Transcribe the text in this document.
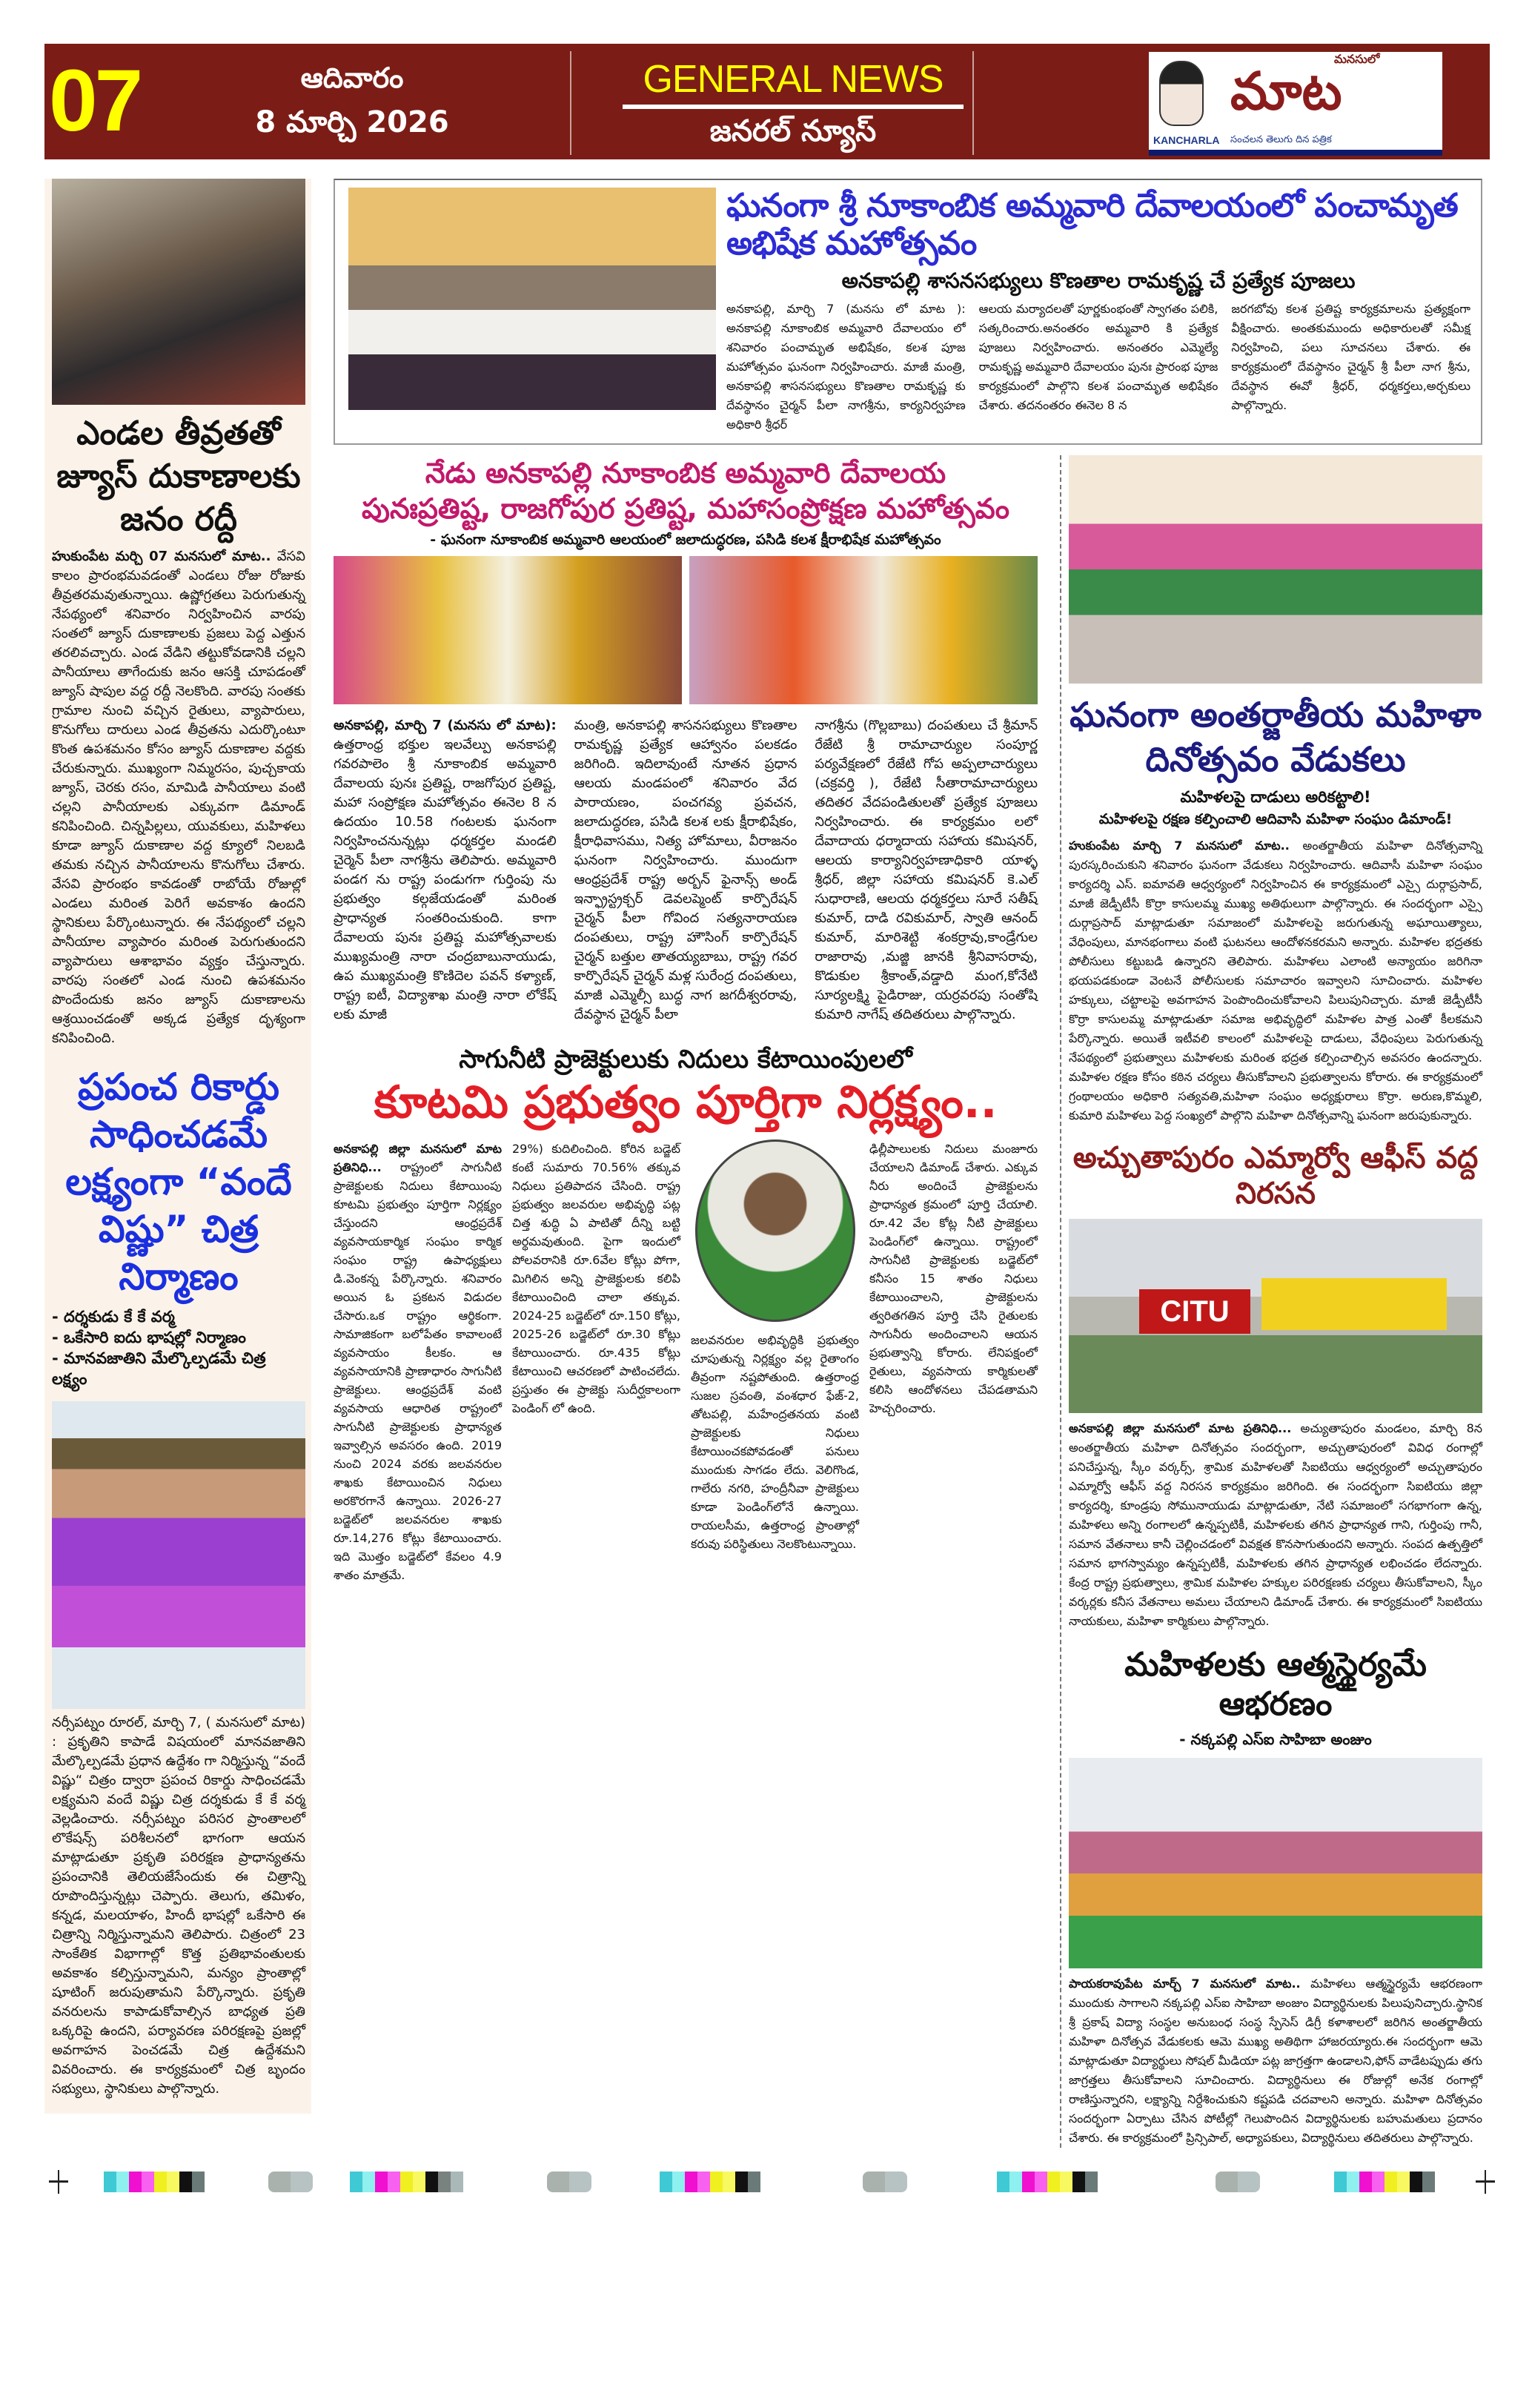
07	ఆదివారం
8 మార్చి 2026
GENERAL NEWS
జనరల్ న్యూస్	KANCHARLA
మనసులో
మాట
సంచలన తెలుగు దిన పత్రిక
ఎండల తీవ్రతతో జ్యూస్ దుకాణాలకు జనం రద్దీ

హుకుంపేట మర్చి 07 మనసులో మాట.. వేసవి కాలం ప్రారంభమవడంతో ఎండలు రోజు రోజుకు తీవ్రతరమవుతున్నాయి. ఉష్ణోగ్రతలు పెరుగుతున్న నేపథ్యంలో శనివారం నిర్వహించిన వారపు సంతలో జ్యూస్ దుకాణాలకు ప్రజలు పెద్ద ఎత్తున తరలివచ్చారు. ఎండ వేడిని తట్టుకోవడానికి చల్లని పానీయాలు తాగేందుకు జనం ఆసక్తి చూపడంతో జ్యూస్ షాపుల వద్ద రద్దీ నెలకొంది. వారపు సంతకు గ్రామాల నుంచి వచ్చిన రైతులు, వ్యాపారులు, కొనుగోలు దారులు ఎండ తీవ్రతను ఎదుర్కొంటూ కొంత ఉపశమనం కోసం జ్యూస్ దుకాణాల వద్దకు చేరుకున్నారు. ముఖ్యంగా నిమ్మరసం, పుచ్చకాయ జ్యూస్, చెరకు రసం, మామిడి పానీయాలు వంటి చల్లని పానీయాలకు ఎక్కువగా డిమాండ్ కనిపించింది. చిన్నపిల్లలు, యువకులు, మహిళలు కూడా జ్యూస్ దుకాణాల వద్ద క్యూలో నిలబడి తమకు నచ్చిన పానీయాలను కొనుగోలు చేశారు. వేసవి ప్రారంభం కావడంతో రాబోయే రోజుల్లో ఎండలు మరింత పెరిగే అవకాశం ఉందని స్థానికులు పేర్కొంటున్నారు. ఈ నేపథ్యంలో చల్లని పానీయాల వ్యాపారం మరింత పెరుగుతుందని వ్యాపారులు ఆశాభావం వ్యక్తం చేస్తున్నారు. వారపు సంతలో ఎండ నుంచి ఉపశమనం పొందేందుకు జనం జ్యూస్ దుకాణాలను ఆశ్రయించడంతో అక్కడ ప్రత్యేక దృశ్యంగా కనిపించింది.

ప్రపంచ రికార్డు సాధించడమే లక్ష్యంగా “వందే విష్ణు” చిత్ర నిర్మాణం
- దర్శకుడు కే కే వర్మ
- ఒకేసారి ఐదు భాషల్లో నిర్మాణం
- మానవజాతిని మేల్కొల్పడమే చిత్ర లక్ష్యం

నర్సీపట్నం రూరల్, మార్చి 7, ( మనసులో మాట) : ప్రకృతిని కాపాడే విషయంలో మానవజాతిని మేల్కొల్పడమే ప్రధాన ఉద్దేశం గా నిర్మిస్తున్న “వందే విష్ణు“ చిత్రం ద్వారా ప్రపంచ రికార్డు సాధించడమే లక్ష్యమని వందే విష్ణు చిత్ర దర్శకుడు కే కే వర్మ వెల్లడించారు. నర్సీపట్నం పరిసర ప్రాంతాలలో లొకేషన్స్ పరిశీలనలో భాగంగా ఆయన మాట్లాడుతూ ప్రకృతి పరిరక్షణ ప్రాధాన్యతను ప్రపంచానికి తెలియజేసేందుకు ఈ చిత్రాన్ని రూపొందిస్తున్నట్లు చెప్పారు. తెలుగు, తమిళం, కన్నడ, మలయాళం, హిందీ భాషల్లో ఒకేసారి ఈ చిత్రాన్ని నిర్మిస్తున్నామని తెలిపారు. చిత్రంలో 23 సాంకేతిక విభాగాల్లో కొత్త ప్రతిభావంతులకు అవకాశం కల్పిస్తున్నామని, మన్యం ప్రాంతాల్లో షూటింగ్ జరుపుతామని పేర్కొన్నారు. ప్రకృతి వనరులను కాపాడుకోవాల్సిన బాధ్యత ప్రతి ఒక్కరిపై ఉందని, పర్యావరణ పరిరక్షణపై ప్రజల్లో అవగాహన పెంచడమే చిత్ర ఉద్దేశమని వివరించారు. ఈ కార్యక్రమంలో చిత్ర బృందం సభ్యులు, స్థానికులు పాల్గొన్నారు.

ఘనంగా శ్రీ నూకాంబిక అమ్మవారి దేవాలయంలో పంచామృత అభిషేక మహోత్సవం
అనకాపల్లి శాసనసభ్యులు కొణతాల రామకృష్ణ చే ప్రత్యేక పూజలు

అనకాపల్లి, మార్చి 7 (మనసు లో మాట ): అనకాపల్లి నూకాంబిక అమ్మవారి దేవాలయం లో శనివారం పంచామృత అభిషేకం, కలశ పూజ మహోత్సవం ఘనంగా నిర్వహించారు. మాజీ మంత్రి, అనకాపల్లి శాసనసభ్యులు కొణతాల రామకృష్ణ కు దేవస్థానం చైర్మన్ పీలా నాగశ్రీను, కార్యనిర్వహణ అధికారి శ్రీధర్

ఆలయ మర్యాదలతో పూర్ణకుంభంతో స్వాగతం పలికి, సత్కరించారు.అనంతరం అమ్మవారి కి ప్రత్యేక పూజలు నిర్వహించారు. అనంతరం ఎమ్మెల్యే రామకృష్ణ అమ్మవారి దేవాలయం పునః ప్రారంభ పూజ కార్యక్రమంలో పాల్గొని కలశ పంచామృత అభిషేకం చేశారు. తదనంతరం ఈనెల 8 న

జరగబోవు కలశ ప్రతిష్ట కార్యక్రమాలను ప్రత్యక్షంగా వీక్షించారు. అంతకుముందు అధికారులతో సమీక్ష నిర్వహించి, పలు సూచనలు చేశారు. ఈ కార్యక్రమంలో దేవస్థానం చైర్మన్ శ్రీ పీలా నాగ శ్రీను, దేవస్థాన ఈవో శ్రీధర్, ధర్మకర్తలు,అర్చకులు పాల్గొన్నారు.

నేడు అనకాపల్లి నూకాంబిక అమ్మవారి దేవాలయ
పునఃప్రతిష్ట, రాజగోపుర ప్రతిష్ట, మహాసంప్రోక్షణ మహోత్సవం
- ఘనంగా నూకాంబిక అమ్మవారి ఆలయంలో జలాదుద్ధరణ, పసిడి కలశ క్షీరాభిషేక మహోత్సవం

అనకాపల్లి, మార్చి 7 (మనసు లో మాట): ఉత్తరాంధ్ర భక్తుల ఇలవేల్పు అనకాపల్లి గవరపాలెం శ్రీ నూకాంబిక అమ్మవారి దేవాలయ పునః ప్రతిష్ట, రాజగోపుర ప్రతిష్ట, మహా సంప్రోక్షణ మహోత్సవం ఈనెల 8 న ఉదయం 10.58 గంటలకు ఘనంగా నిర్వహించనున్నట్లు ధర్మకర్తల మండలి చైర్మెన్ పీలా నాగశ్రీను తెలిపారు. అమ్మవారి పండగ ను రాష్ట్ర పండుగగా గుర్తింపు ను ప్రభుత్వం కల్గజేయడంతో మరింత ప్రాధాన్యత సంతరించుకుంది. కాగా దేవాలయ పునః ప్రతిష్ట మహోత్సవాలకు ముఖ్యమంత్రి నారా చంద్రబాబునాయుడు, ఉప ముఖ్యమంత్రి కొణిదెల పవన్ కళ్యాణ్, రాష్ట్ర ఐటీ, విద్యాశాఖ మంత్రి నారా లోకేష్ లకు మాజీ

మంత్రి, అనకాపల్లి శాసనసభ్యులు కొణతాల రామకృష్ణ ప్రత్యేక ఆహ్వానం పలకడం జరిగింది. ఇదిలావుంటే నూతన ప్రధాన ఆలయ మండపంలో శనివారం వేద పారాయణం, పంచగవ్య ప్రవచన, జలాదుద్ధరణ, పసిడి కలశ లకు క్షీరాభిషేకం, క్షీరాధివాసము, నిత్య హోమాలు, వీరాజనం ఘనంగా నిర్వహించారు. ముందుగా ఆంధ్రప్రదేశ్ రాష్ట్ర అర్బన్ ఫైనాన్స్ అండ్ ఇన్ఫ్రాస్ట్రక్చర్ డెవలప్మెంట్ కార్పొరేషన్ చైర్మన్ పీలా గోవింద సత్యనారాయణ దంపతులు, రాష్ట్ర హౌసింగ్ కార్పొరేషన్ చైర్మన్ బత్తుల తాతయ్యబాబు, రాష్ట్ర గవర కార్పొరేషన్ చైర్మన్ మళ్ల సురేంద్ర దంపతులు, మాజీ ఎమ్మెల్సీ బుద్ధ నాగ జగదీశ్వరరావు, దేవస్థాన చైర్మన్ పీలా

నాగశ్రీను (గొల్లబాబు) దంపతులు చే శ్రీమాన్ రేజేటి శ్రీ రామాచార్యుల సంపూర్ణ పర్యవేక్షణలో రేజేటి గోప అప్పలాచార్యులు (చక్రవర్తి ), రేజేటి సీతారామాచార్యులు తదితర వేదపండితులతో ప్రత్యేక పూజలు నిర్వహించారు. ఈ కార్యక్రమం లలో దేవాదాయ ధర్మాదాయ సహాయ కమిషనర్, ఆలయ కార్యానిర్వహణాధికారి యాళ్ళ శ్రీధర్, జిల్లా సహాయ కమిషనర్ కె.ఎల్ సుధారాణి, ఆలయ ధర్మకర్తలు సూరే సతీష్ కుమార్, దాడి రవికుమార్, స్వాతి ఆనంద్ కుమార్, మారిశెట్టి శంకర్రావు,కాండ్రేగుల రాజారావు ,మజ్జి జానకి శ్రీనివాసరావు, కొడుకుల శ్రీకాంత్,వడ్డాది మంగ,కోనేటి సూర్యలక్ష్మి పైడిరాజు, యర్రవరపు సంతోషి కుమారి నాగేష్ తదితరులు పాల్గొన్నారు.

సాగునీటి ప్రాజెక్టులుకు నిదులు కేటాయింపులలో
కూటమి ప్రభుత్వం పూర్తిగా నిర్లక్ష్యం..

అనకాపల్లి జిల్లా మనసులో మాట ప్రతినిధి... రాష్ట్రంలో సాగునీటి ప్రాజెక్టులకు నిదులు కేటాయింపు కూటమి ప్రభుత్వం పూర్తిగా నిర్లక్ష్యం చేస్తుందని ఆంధ్రప్రదేశ్ వ్యవసాయకార్మిక సంఘం కార్మిక సంఘం రాష్ట్ర ఉపాధ్యక్షులు డి.వెంకన్న పేర్కొన్నారు. శనివారం అయిన ఓ ప్రకటన విడుదల చేసారు.ఒక రాష్ట్రం ఆర్థికంగా. సామాజికంగా బలోపేతం కావాలంటే వ్యవసాయం కీలకం. ఆ వ్యవసాయానికి ప్రాణాధారం సాగునీటి ప్రాజెక్టులు. ఆంధ్రప్రదేశ్ వంటి వ్యవసాయ ఆధారిత రాష్ట్రంలో సాగునీటి ప్రాజెక్టులకు ప్రాధాన్యత ఇవ్వాల్సిన అవసరం ఉంది. 2019 నుంచి 2024 వరకు జలవనరుల శాఖకు కేటాయించిన నిధులు అరకొరగానే ఉన్నాయి. 2026-27 బడ్జెట్‌లో జలవనరుల శాఖకు రూ.14,276 కోట్లు కేటాయించారు. ఇది మొత్తం బడ్జెట్‌లో కేవలం 4.9 శాతం మాత్రమే.

29%) కుదిలించింది. కోరిన బడ్జెట్ కంటే సుమారు 70.56% తక్కువ నిధులు ప్రతిపాదన చేసింది. రాష్ట్ర ప్రభుత్వం జలవరుల అభివృద్ధి పట్ల చిత్త శుద్ధి ఏ పాటితో దీన్ని బట్టి అర్థమవుతుంది. పైగా ఇందులో పోలవరానికి రూ.6వేల కోట్లు పోగా, మిగిలిన అన్ని ప్రాజెక్టులకు కలిపి కేటాయించింది చాలా తక్కువ. 2024-25 బడ్జెట్‌లో రూ.150 కోట్లు, 2025-26 బడ్జెట్‌లో రూ.30 కోట్లు కేటాయించారు. రూ.435 కోట్లు కేటాయించి ఆచరణలో పాటించలేదు. ప్రస్తుతం ఈ ప్రాజెక్టు సుదీర్ఘకాలంగా పెండింగ్ లో ఉంది.

జలవనరుల అభివృద్ధికి ప్రభుత్వం చూపుతున్న నిర్లక్ష్యం వల్ల రైతాంగం తీవ్రంగా నష్టపోతుంది. ఉత్తరాంధ్ర సుజల స్రవంతి, వంశధార ఫేజ్-2, తోటపల్లి, మహేంద్రతనయ వంటి ప్రాజెక్టులకు నిధులు కేటాయించకపోవడంతో పనులు ముందుకు సాగడం లేదు. వెలిగొండ, గాలేరు నగరి, హంద్రీనీవా ప్రాజెక్టులు కూడా పెండింగ్‌లోనే ఉన్నాయి. రాయలసీమ, ఉత్తరాంధ్ర ప్రాంతాల్లో కరువు పరిస్థితులు నెలకొంటున్నాయి.

ఢిల్లీపాలులకు నిదులు మంజూరు చేయాలని డిమాండ్ చేశారు. ఎక్కువ నీరు అందించే ప్రాజెక్టులను ప్రాధాన్యత క్రమంలో పూర్తి చేయాలి. రూ.42 వేల కోట్ల నీటి ప్రాజెక్టులు పెండింగ్‌లో ఉన్నాయి. రాష్ట్రంలో సాగునీటి ప్రాజెక్టులకు బడ్జెట్‌లో కనీసం 15 శాతం నిధులు కేటాయించాలని, ప్రాజెక్టులను త్వరితగతిన పూర్తి చేసి రైతులకు సాగునీరు అందించాలని ఆయన ప్రభుత్వాన్ని కోరారు. లేనిపక్షంలో రైతులు, వ్యవసాయ కార్మికులతో కలిసి ఆందోళనలు చేపడతామని హెచ్చరించారు.

ఘనంగా అంతర్జాతీయ మహిళా దినోత్సవం వేడుకలు
మహిళలపై దాడులు అరికట్టాలి!
మహిళలపై రక్షణ కల్పించాలి ఆదివాసి మహిళా సంఘం డిమాండ్!

హుకుంపేట మార్చి 7 మనసులో మాట.. అంతర్జాతీయ మహిళా దినోత్సవాన్ని పురస్కరించుకుని శనివారం ఘనంగా వేడుకలు నిర్వహించారు. ఆదివాసీ మహిళా సంఘం కార్యదర్శి ఎస్. ఐమావతి ఆధ్వర్యంలో నిర్వహించిన ఈ కార్యక్రమంలో ఎస్సై దుర్గాప్రసాద్, మాజీ జెడ్పీటీసీ కొర్రా కాసులమ్మ ముఖ్య అతిథులుగా పాల్గొన్నారు. ఈ సందర్భంగా ఎస్సై దుర్గాప్రసాద్ మాట్లాడుతూ సమాజంలో మహిళలపై జరుగుతున్న అఘాయిత్యాలు, వేధింపులు, మానభంగాలు వంటి ఘటనలు ఆందోళనకరమని అన్నారు. మహిళల భద్రతకు పోలీసులు కట్టుబడి ఉన్నారని తెలిపారు. మహిళలు ఎలాంటి అన్యాయం జరిగినా భయపడకుండా వెంటనే పోలీసులకు సమాచారం ఇవ్వాలని సూచించారు. మహిళల హక్కులు, చట్టాలపై అవగాహన పెంపొందించుకోవాలని పిలుపునిచ్చారు. మాజీ జెడ్పీటీసీ కొర్రా కాసులమ్మ మాట్లాడుతూ సమాజ అభివృద్ధిలో మహిళల పాత్ర ఎంతో కీలకమని పేర్కొన్నారు. అయితే ఇటీవలి కాలంలో మహిళలపై దాడులు, వేధింపులు పెరుగుతున్న నేపథ్యంలో ప్రభుత్వాలు మహిళలకు మరింత భద్రత కల్పించాల్సిన అవసరం ఉందన్నారు. మహిళల రక్షణ కోసం కఠిన చర్యలు తీసుకోవాలని ప్రభుత్వాలను కోరారు. ఈ కార్యక్రమంలో గ్రంథాలయం అధికారి సత్యవతి,మహిళా సంఘం అధ్యక్షురాలు కొర్రా. అరుణ,కొమ్మలి, కుమారి మహిళలు పెద్ద సంఖ్యలో పాల్గొని మహిళా దినోత్సవాన్ని ఘనంగా జరుపుకున్నారు.

అచ్చుతాపురం ఎమ్మార్వో ఆఫీస్ వద్ద నిరసన
CITU

అనకాపల్లి జిల్లా మనసులో మాట ప్రతినిధి... అచ్యుతాపురం మండలం, మార్చి 8న అంతర్జాతీయ మహిళా దినోత్సవం సందర్భంగా, అచ్చుతాపురంలో వివిధ రంగాల్లో పనిచేస్తున్న, స్కీం వర్కర్స్, శ్రామిక మహిళలతో సిఐటియు ఆధ్వర్యంలో అచ్చుతాపురం ఎమ్మార్వో ఆఫీస్ వద్ద నిరసన కార్యక్రమం జరిగింది. ఈ సందర్భంగా సిఐటియు జిల్లా కార్యదర్శి, కూండ్రపు సోమునాయుడు మాట్లాడుతూ, నేటి సమాజంలో సగభాగంగా ఉన్న, మహిళలు అన్ని రంగాలలో ఉన్నప్పటికీ, మహిళలకు తగిన ప్రాధాన్యత గాని, గుర్తింపు గానీ, సమాన వేతనాలు కానీ చెల్లించడంలో వివక్షత కొనసాగుతుందని అన్నారు. సంపద ఉత్పత్తిలో సమాన భాగస్వామ్యం ఉన్నప్పటికీ, మహిళలకు తగిన ప్రాధాన్యత లభించడం లేదన్నారు. కేంద్ర రాష్ట్ర ప్రభుత్వాలు, శ్రామిక మహిళల హక్కుల పరిరక్షణకు చర్యలు తీసుకోవాలని, స్కీం వర్కర్లకు కనీస వేతనాలు అమలు చేయాలని డిమాండ్ చేశారు. ఈ కార్యక్రమంలో సిఐటియు నాయకులు, మహిళా కార్మికులు పాల్గొన్నారు.

మహిళలకు ఆత్మస్థైర్యమే ఆభరణం
- నక్కపల్లి ఎస్ఐ సాహిబా అంజుం

పాయకరావుపేట మార్చ్ 7 మనసులో మాట.. మహిళలు ఆత్మస్థైర్యమే ఆభరణంగా ముందుకు సాగాలని నక్కపల్లి ఎస్ఐ సాహిబా అంజుం విద్యార్థినులకు పిలుపునిచ్చారు.స్థానిక శ్రీ ప్రకాష్ విద్యా సంస్థల అనుబంధ సంస్థ స్పేసెస్ డిగ్రీ కళాశాలలో జరిగిన అంతర్జాతీయ మహిళా దినోత్సవ వేడుకలకు ఆమె ముఖ్య అతిథిగా హాజరయ్యారు.ఈ సందర్భంగా ఆమె మాట్లాడుతూ విద్యార్థులు సోషల్ మీడియా పట్ల జాగ్రత్తగా ఉండాలని,ఫోన్ వాడేటప్పుడు తగు జాగ్రత్తలు తీసుకోవాలని సూచించారు. విద్యార్థినులు ఈ రోజుల్లో అనేక రంగాల్లో రాణిస్తున్నారని, లక్ష్యాన్ని నిర్దేశించుకుని కష్టపడి చదవాలని అన్నారు. మహిళా దినోత్సవం సందర్భంగా ఏర్పాటు చేసిన పోటీల్లో గెలుపొందిన విద్యార్థినులకు బహుమతులు ప్రదానం చేశారు. ఈ కార్యక్రమంలో ప్రిన్సిపాల్, అధ్యాపకులు, విద్యార్థినులు తదితరులు పాల్గొన్నారు.
